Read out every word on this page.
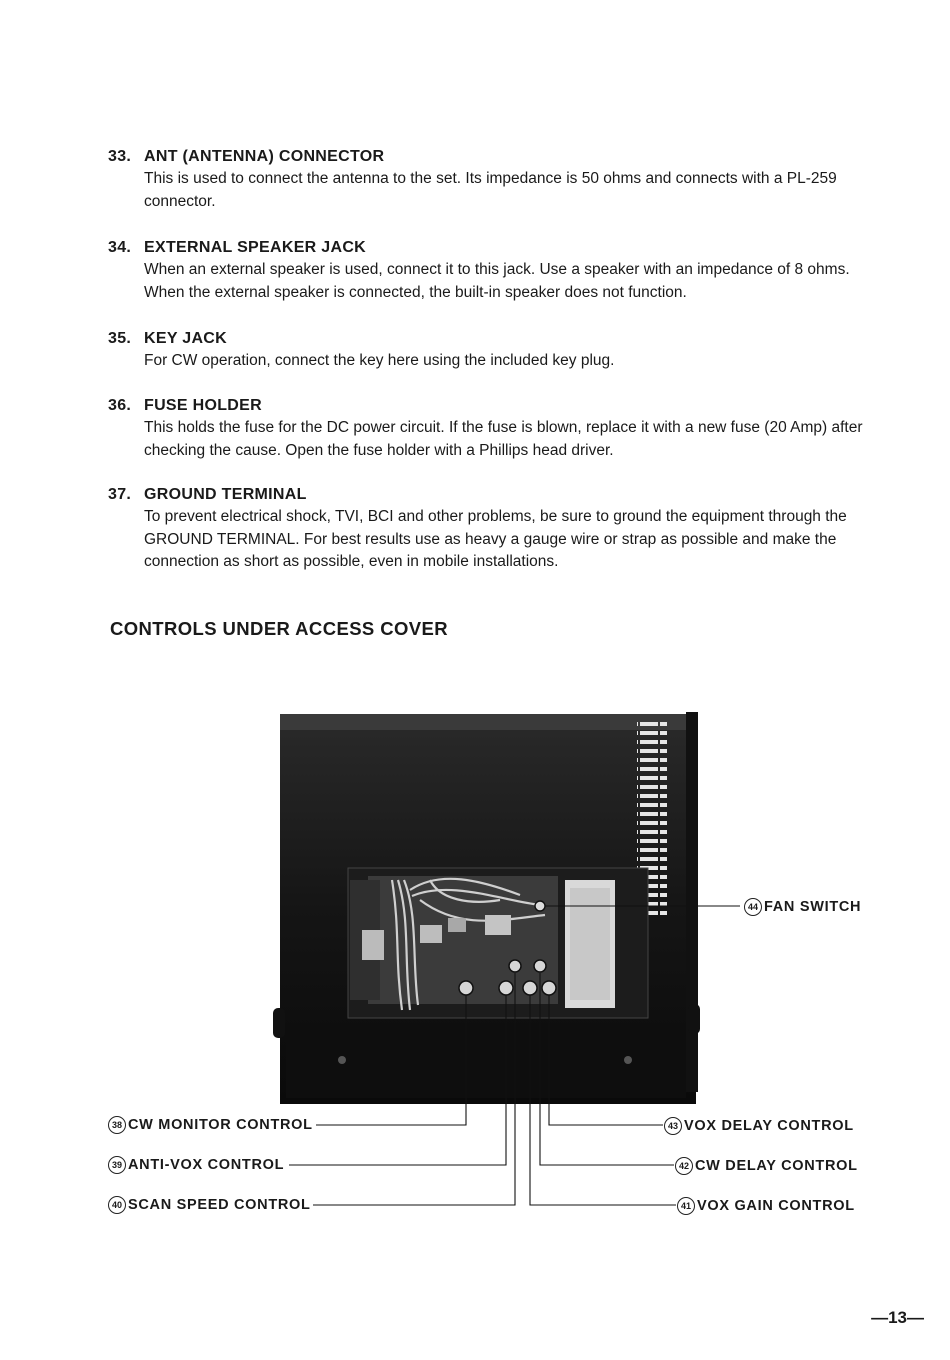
33. ANT (ANTENNA) CONNECTOR
This is used to connect the antenna to the set. Its impedance is 50 ohms and connects with a PL-259 connector.
34. EXTERNAL SPEAKER JACK
When an external speaker is used, connect it to this jack. Use a speaker with an impedance of 8 ohms. When the external speaker is connected, the built-in speaker does not function.
35. KEY JACK
For CW operation, connect the key here using the included key plug.
36. FUSE HOLDER
This holds the fuse for the DC power circuit. If the fuse is blown, replace it with a new fuse (20 Amp) after checking the cause. Open the fuse holder with a Phillips head driver.
37. GROUND TERMINAL
To prevent electrical shock, TVI, BCI and other problems, be sure to ground the equipment through the GROUND TERMINAL. For best results use as heavy a gauge wire or strap as possible and make the connection as short as possible, even in mobile installations.
CONTROLS UNDER ACCESS COVER
44 FAN SWITCH
38 CW MONITOR CONTROL
39 ANTI-VOX CONTROL
40 SCAN SPEED CONTROL
43 VOX DELAY CONTROL
42 CW DELAY CONTROL
41 VOX GAIN CONTROL
—13—
